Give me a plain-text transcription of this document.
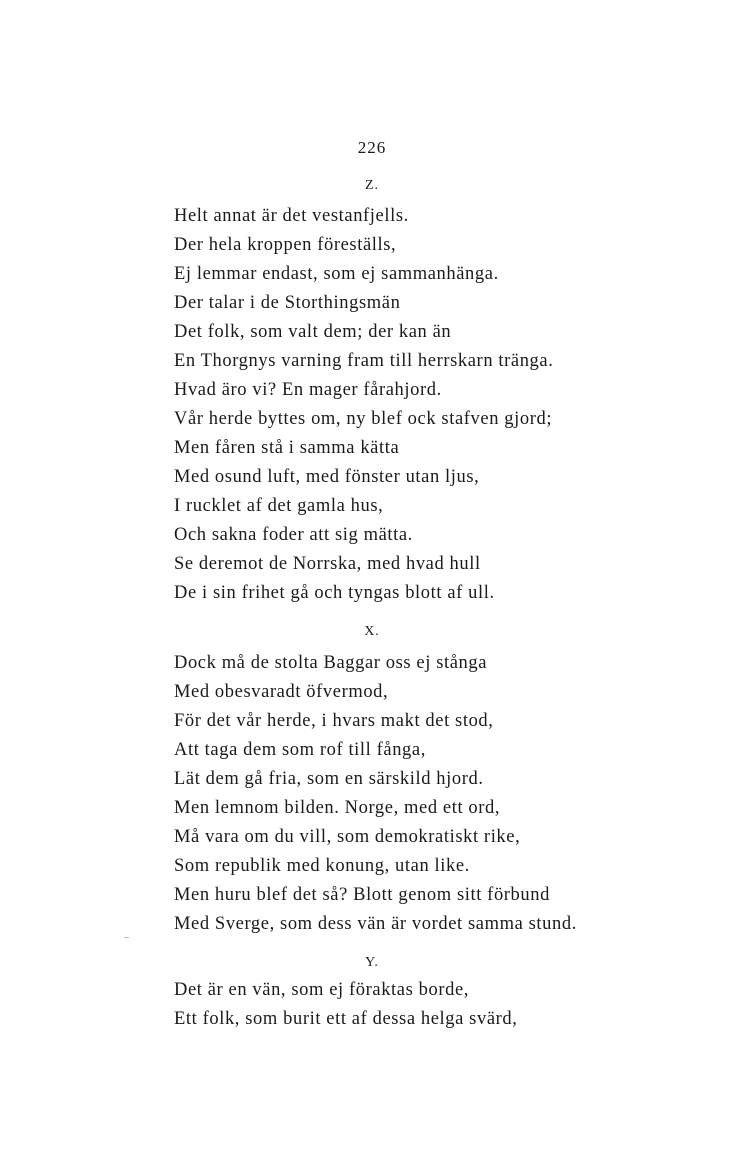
226
Z.
Helt annat är det vestanfjells.
Der hela kroppen föreställs,
Ej lemmar endast, som ej sammanhänga.
Der talar i de Storthingsmän
Det folk, som valt dem; der kan än
En Thorgnys varning fram till herrskarn tränga.
Hvad äro vi? En mager fårahjord.
Vår herde byttes om, ny blef ock stafven gjord;
Men fåren stå i samma kätta
Med osund luft, med fönster utan ljus,
I rucklet af det gamla hus,
Och sakna foder att sig mätta.
Se deremot de Norrska, med hvad hull
De i sin frihet gå och tyngas blott af ull.
X.
Dock må de stolta Baggar oss ej stånga
Med obesvaradt öfvermod,
För det vår herde, i hvars makt det stod,
Att taga dem som rof till fånga,
Lät dem gå fria, som en särskild hjord.
Men lemnom bilden. Norge, med ett ord,
Må vara om du vill, som demokratiskt rike,
Som republik med konung, utan like.
Men huru blef det så? Blott genom sitt förbund
Med Sverge, som dess vän är vordet samma stund.
Y.
Det är en vän, som ej föraktas borde,
Ett folk, som burit ett af dessa helga svärd,
